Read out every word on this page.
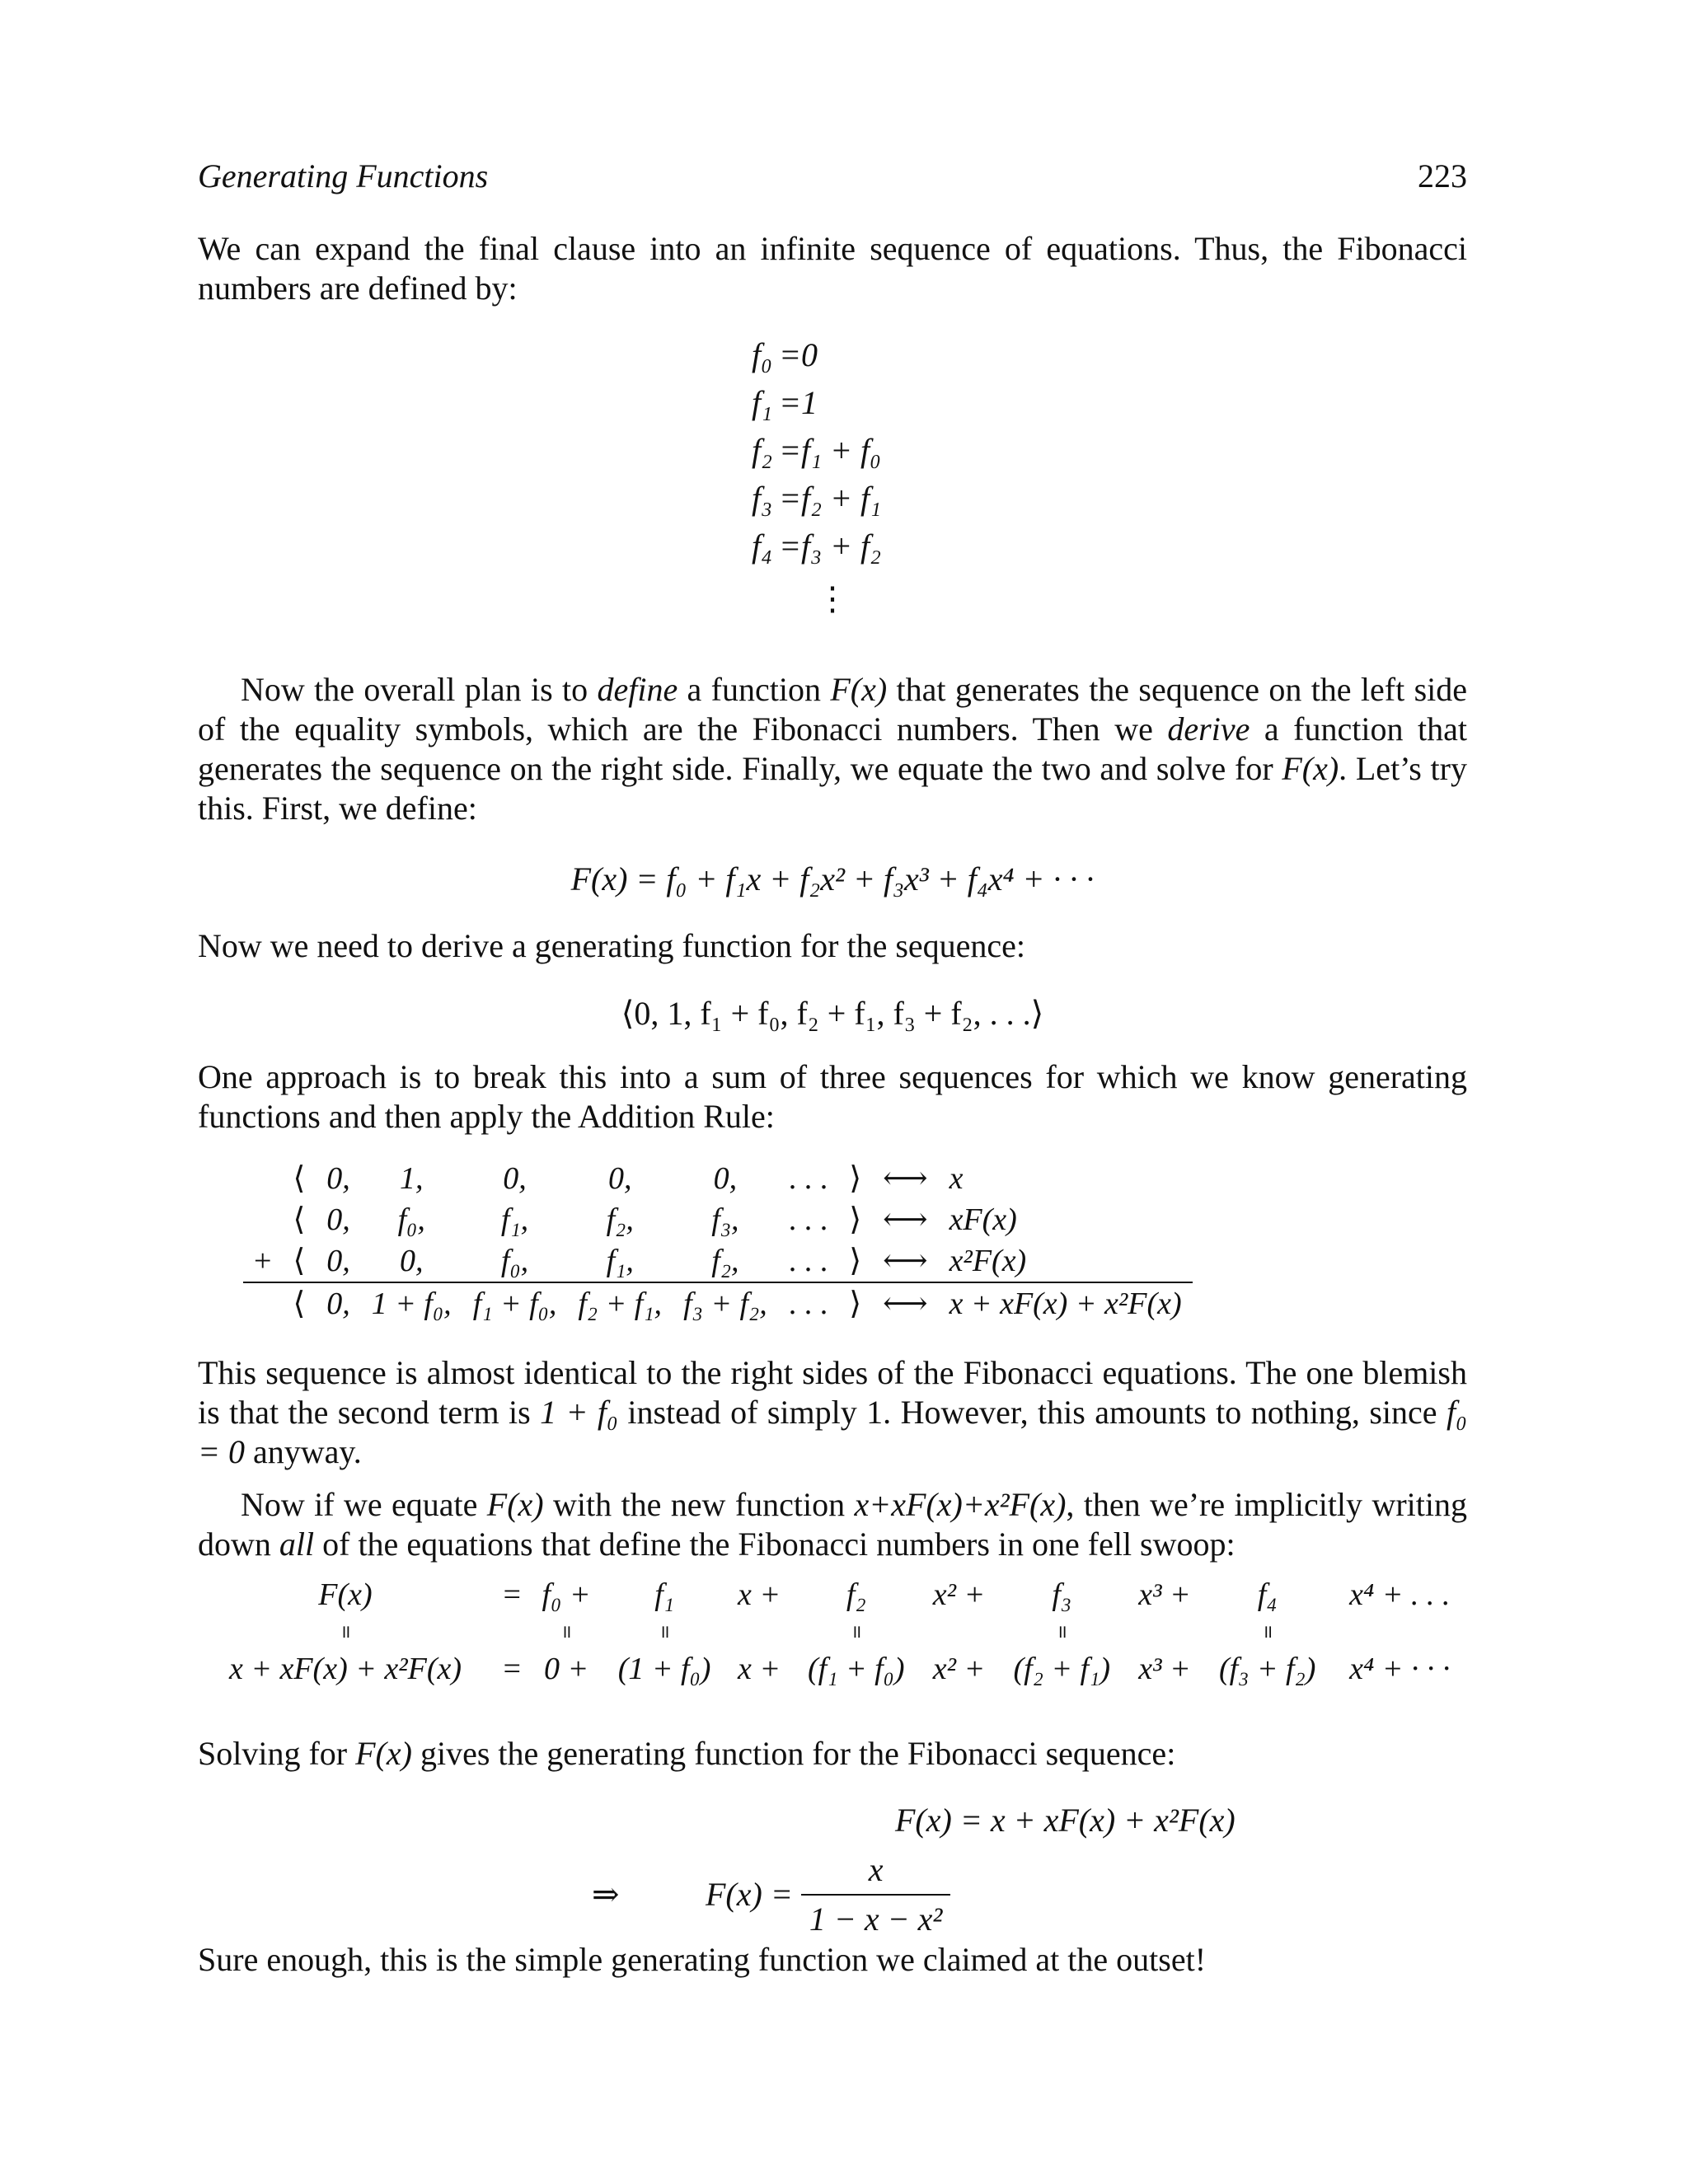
Generating Functions	223

We can expand the final clause into an infinite sequence of equations. Thus, the Fibonacci numbers are defined by:

f₀	=0
f₁	=1
f₂	=f₁ + f₀
f₃	=f₂ + f₁
f₄	=f₃ + f₂
⋮

Now the overall plan is to define a function F(x) that generates the sequence on the left side of the equality symbols, which are the Fibonacci numbers. Then we derive a function that generates the sequence on the right side. Finally, we equate the two and solve for F(x). Let’s try this. First, we define:

F(x) = f₀ + f₁x + f₂x² + f₃x³ + f₄x⁴ + · · ·

Now we need to derive a generating function for the sequence:

⟨0, 1, f₁ + f₀, f₂ + f₁, f₃ + f₂, . . .⟩

One approach is to break this into a sum of three sequences for which we know generating functions and then apply the Addition Rule:

	⟨	0,	1,	0,	0,	0,	. . .	⟩	⟷	x
	⟨	0,	f₀,	f₁,	f₂,	f₃,	. . .	⟩	⟷	xF(x)
+	⟨	0,	0,	f₀,	f₁,	f₂,	. . .	⟩	⟷	x²F(x)
	⟨	0,	1 + f₀,	f₁ + f₀,	f₂ + f₁,	f₃ + f₂,	. . .	⟩	⟷	x + xF(x) + x²F(x)

This sequence is almost identical to the right sides of the Fibonacci equations. The one blemish is that the second term is 1 + f₀ instead of simply 1. However, this amounts to nothing, since f₀ = 0 anyway.

Now if we equate F(x) with the new function x+xF(x)+x²F(x), then we’re implicitly writing down all of the equations that define the Fibonacci numbers in one fell swoop:

F(x)	=	f₀ +	f₁	x +	f₂	x² +	f₃	x³ +	f₄	x⁴ + . . .
॥		॥	॥		॥		॥		॥	
x + xF(x) + x²F(x)	=	0 +	(1 + f₀)	x +	(f₁ + f₀)	x² +	(f₂ + f₁)	x³ +	(f₃ + f₂)	x⁴ + · · ·

Solving for F(x) gives the generating function for the Fibonacci sequence:

F(x) = x + xF(x) + x²F(x)
⇒	$F(x) = \frac{x}{\text{1 − x − x²}}$

Sure enough, this is the simple generating function we claimed at the outset!
